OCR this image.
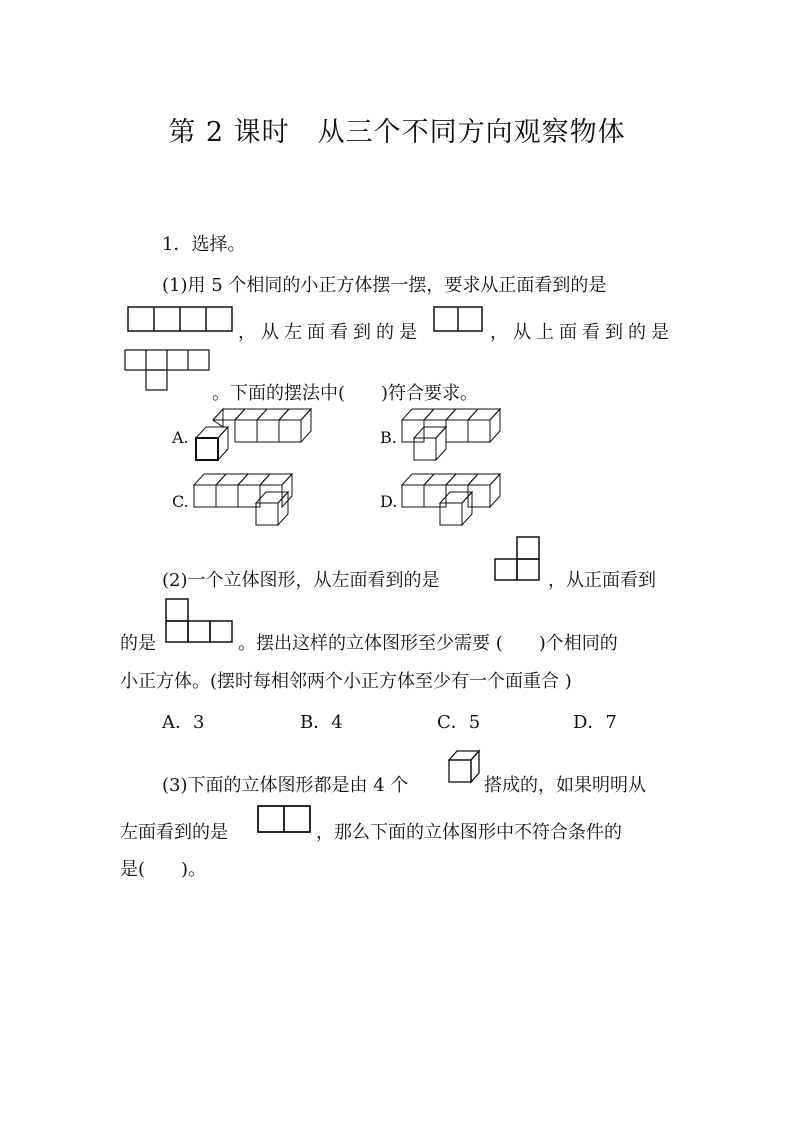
第 2 课时　从三个不同方向观察物体
1．选择。
(1)用 5 个相同的小正方体摆一摆，要求从正面看到的是
，从左面看到的是	，从上面看到的是
。下面的摆法中(　　)符合要求。
A.	B.
C.	D.
(2)一个立体图形，从左面看到的是	，从正面看到
的是	。摆出这样的立体图形至少需要 (　　)个相同的
小正方体。(摆时每相邻两个小正方体至少有一个面重合 )
A．3	B．4	C．5	D．7
(3)下面的立体图形都是由 4 个	搭成的，如果明明从
左面看到的是	，那么下面的立体图形中不符合条件的
是(　　)。
